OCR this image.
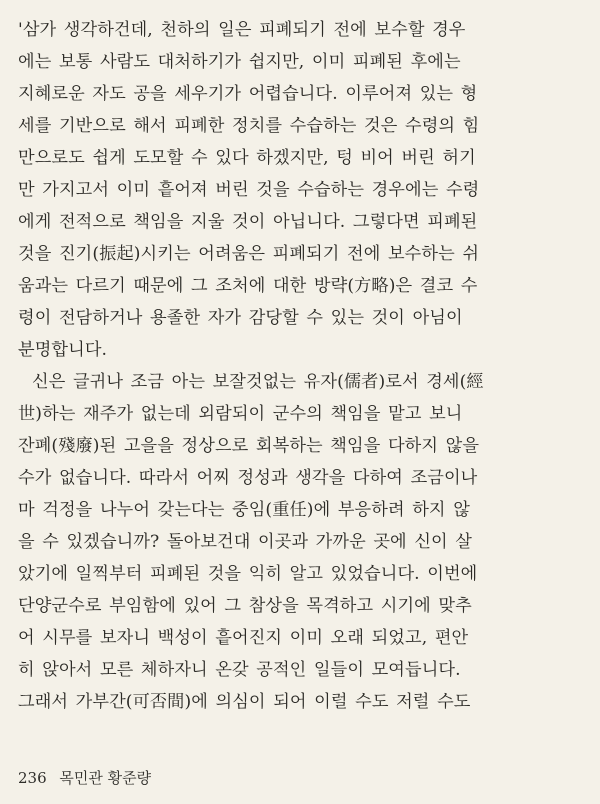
'삼가 생각하건데, 천하의 일은 피폐되기 전에 보수할 경우
에는 보통 사람도 대처하기가 쉽지만, 이미 피폐된 후에는
지혜로운 자도 공을 세우기가 어렵습니다. 이루어져 있는 형
세를 기반으로 해서 피폐한 정치를 수습하는 것은 수령의 힘
만으로도 쉽게 도모할 수 있다 하겠지만, 텅 비어 버린 허기
만 가지고서 이미 흩어져 버린 것을 수습하는 경우에는 수령
에게 전적으로 책임을 지울 것이 아닙니다. 그렇다면 피폐된
것을 진기(振起)시키는 어려움은 피폐되기 전에 보수하는 쉬
움과는 다르기 때문에 그 조처에 대한 방략(方略)은 결코 수
령이 전담하거나 용졸한 자가 감당할 수 있는 것이 아님이
분명합니다.
신은 글귀나 조금 아는 보잘것없는 유자(儒者)로서 경세(經
世)하는 재주가 없는데 외람되이 군수의 책임을 맡고 보니
잔폐(殘廢)된 고을을 정상으로 회복하는 책임을 다하지 않을
수가 없습니다. 따라서 어찌 정성과 생각을 다하여 조금이나
마 걱정을 나누어 갖는다는 중임(重任)에 부응하려 하지 않
을 수 있겠습니까? 돌아보건대 이곳과 가까운 곳에 신이 살
았기에 일찍부터 피폐된 것을 익히 알고 있었습니다. 이번에
단양군수로 부임함에 있어 그 참상을 목격하고 시기에 맞추
어 시무를 보자니 백성이 흩어진지 이미 오래 되었고, 편안
히 앉아서 모른 체하자니 온갖 공적인 일들이 모여듭니다.
그래서 가부간(可否間)에 의심이 되어 이럴 수도 저럴 수도
236 목민관 황준량
